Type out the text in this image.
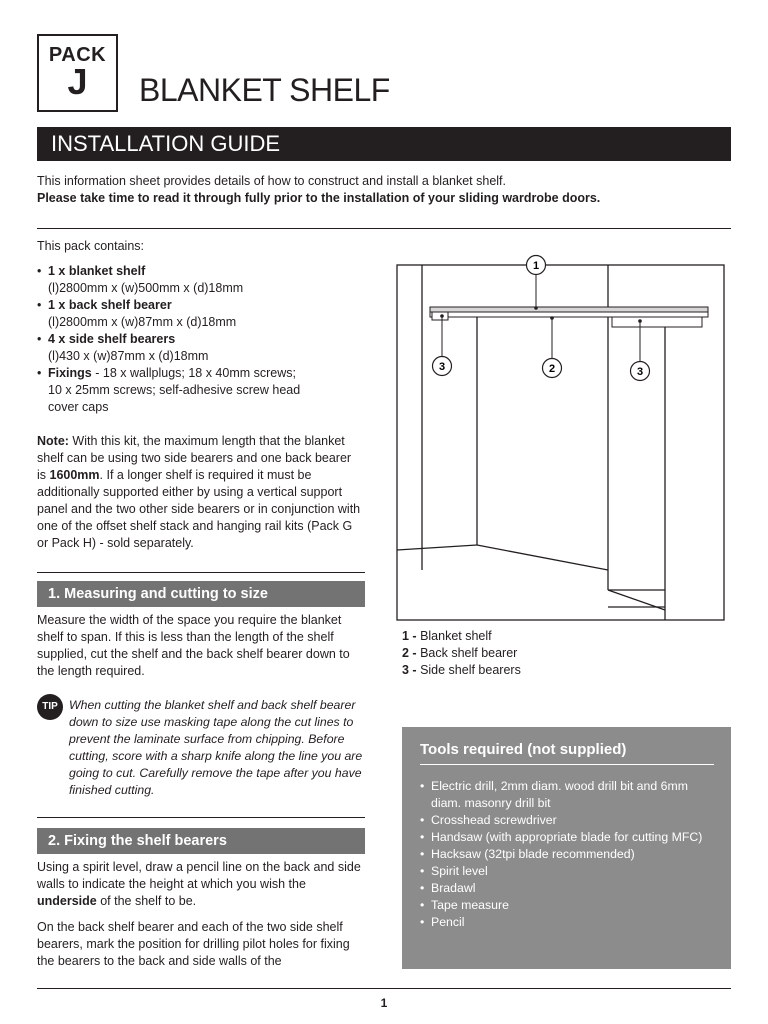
PACK
J	BLANKET SHELF
INSTALLATION GUIDE
This information sheet provides details of how to construct and install a blanket shelf.
Please take time to read it through fully prior to the installation of your sliding wardrobe doors.
This pack contains:
• 1 x blanket shelf
(l)2800mm x (w)500mm x (d)18mm
• 1 x back shelf bearer
(l)2800mm x (w)87mm x (d)18mm
• 4 x side shelf bearers
(l)430 x (w)87mm x (d)18mm
• Fixings - 18 x wallplugs; 18 x 40mm screws; 10 x 25mm screws; self-adhesive screw head cover caps
Note: With this kit, the maximum length that the blanket shelf can be using two side bearers and one back bearer is 1600mm. If a longer shelf is required it must be additionally supported either by using a vertical support panel and the two other side bearers or in conjunction with one of the offset shelf stack and hanging rail kits (Pack G or Pack H) - sold separately.
1. Measuring and cutting to size
Measure the width of the space you require the blanket shelf to span. If this is less than the length of the shelf supplied, cut the shelf and the back shelf bearer down to the length required.
TIP When cutting the blanket shelf and back shelf bearer down to size use masking tape along the cut lines to prevent the laminate surface from chipping. Before cutting, score with a sharp knife along the line you are going to cut. Carefully remove the tape after you have finished cutting.
2. Fixing the shelf bearers
Using a spirit level, draw a pencil line on the back and side walls to indicate the height at which you wish the underside of the shelf to be.
On the back shelf bearer and each of the two side shelf bearers, mark the position for drilling pilot holes for fixing the bearers to the back and side walls of the
1
2
3	3
1 - Blanket shelf
2 - Back shelf bearer
3 - Side shelf bearers
Tools required (not supplied)
• Electric drill, 2mm diam. wood drill bit and 6mm diam. masonry drill bit
• Crosshead screwdriver
• Handsaw (with appropriate blade for cutting MFC)
• Hacksaw (32tpi blade recommended)
• Spirit level
• Bradawl
• Tape measure
• Pencil
1
